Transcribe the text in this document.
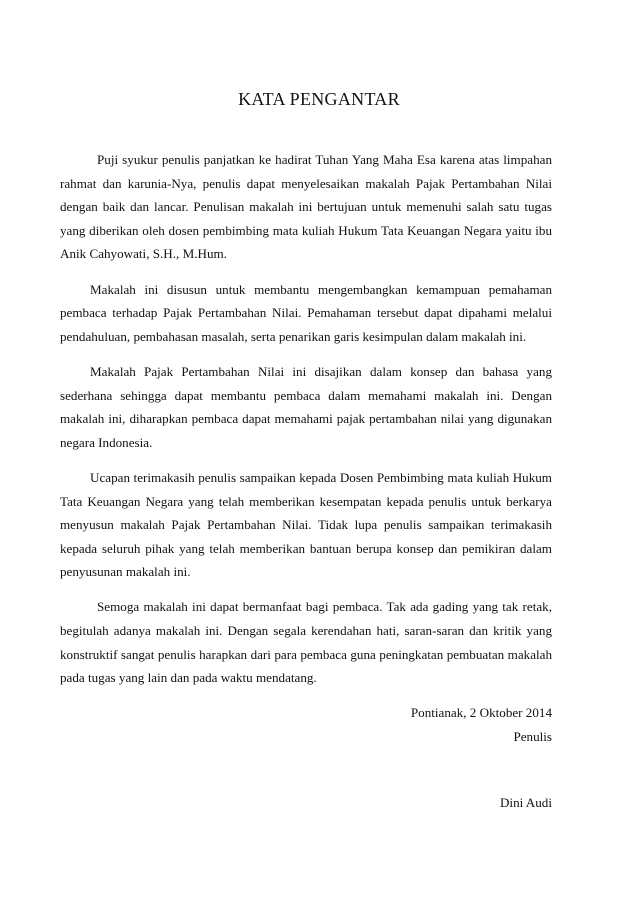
KATA PENGANTAR

Puji syukur penulis panjatkan ke hadirat Tuhan Yang Maha Esa karena atas limpahan rahmat dan karunia-Nya, penulis dapat menyelesaikan makalah Pajak Pertambahan Nilai dengan baik dan lancar. Penulisan makalah ini bertujuan untuk memenuhi salah satu tugas yang diberikan oleh dosen pembimbing mata kuliah Hukum Tata Keuangan Negara yaitu ibu Anik Cahyowati, S.H., M.Hum.

Makalah ini disusun untuk membantu mengembangkan kemampuan pemahaman pembaca terhadap Pajak Pertambahan Nilai. Pemahaman tersebut dapat dipahami melalui pendahuluan, pembahasan masalah, serta penarikan garis kesimpulan dalam makalah ini.

Makalah Pajak Pertambahan Nilai ini disajikan dalam konsep dan bahasa yang sederhana sehingga dapat membantu pembaca dalam memahami makalah ini. Dengan makalah ini, diharapkan pembaca dapat memahami pajak pertambahan nilai yang digunakan negara Indonesia.

Ucapan terimakasih penulis sampaikan kepada Dosen Pembimbing mata kuliah Hukum Tata Keuangan Negara yang telah memberikan kesempatan kepada penulis untuk berkarya menyusun makalah Pajak Pertambahan Nilai. Tidak lupa penulis sampaikan terimakasih kepada seluruh pihak yang telah memberikan bantuan berupa konsep dan pemikiran dalam penyusunan makalah ini.

Semoga makalah ini dapat bermanfaat bagi pembaca. Tak ada gading yang tak retak, begitulah adanya makalah ini. Dengan segala kerendahan hati, saran-saran dan kritik yang konstruktif sangat penulis harapkan dari para pembaca guna peningkatan pembuatan makalah pada tugas yang lain dan pada waktu mendatang.

Pontianak, 2 Oktober 2014
Penulis
Dini Audi
